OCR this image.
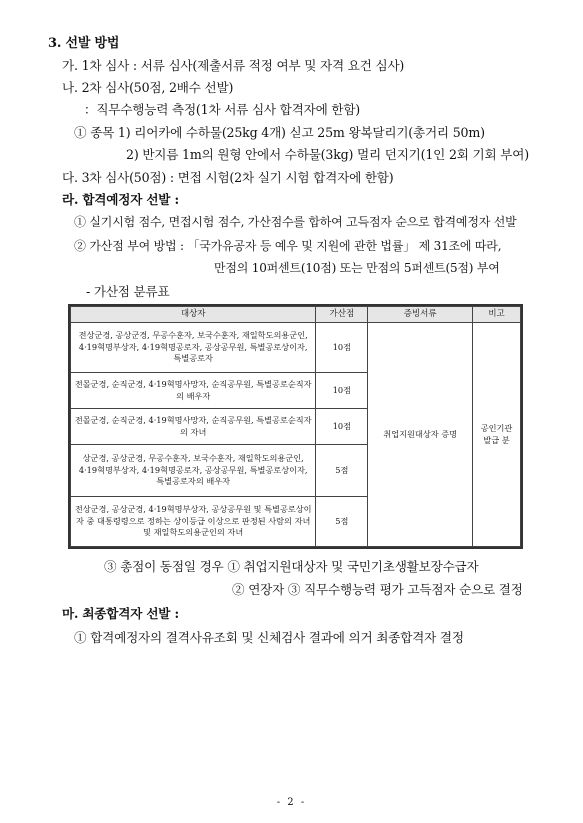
3. 선발 방법
가. 1차 심사 : 서류 심사(제출서류 적정 여부 및 자격 요건 심사)
나. 2차 심사(50점, 2배수 선발)
：직무수행능력 측정(1차 서류 심사 합격자에 한함)
① 종목 1) 리어카에 수하물(25kg 4개) 싣고 25m 왕복달리기(총거리 50m)
2) 반지름 1m의 원형 안에서 수하물(3kg) 멀리 던지기(1인 2회 기회 부여)
다. 3차 심사(50점) : 면접 시험(2차 실기 시험 합격자에 한함)
라. 합격예정자 선발 :
① 실기시험 점수, 면접시험 점수, 가산점수를 합하여 고득점자 순으로 합격예정자 선발
② 가산점 부여 방법 : 「국가유공자 등 예우 및 지원에 관한 법률」 제 31조에 따라,
만점의 10퍼센트(10점) 또는 만점의 5퍼센트(5점) 부여
- 가산점 분류표
대상자	가산점	증빙서류	비고
전상군경, 공상군경, 무공수훈자, 보국수훈자, 재일학도의용군인, 4·19혁명부상자, 4·19혁명공로자, 공상공무원, 특별공로상이자, 특별공로자	10점	취업지원대상자 증명	공인기관 발급 분
전몰군경, 순직군경, 4·19혁명사망자, 순직공무원, 특별공로순직자의 배우자	10점		
전몰군경, 순직군경, 4·19혁명사망자, 순직공무원, 특별공로순직자의 자녀	10점		
상군경, 공상군경, 무공수훈자, 보국수훈자, 재일학도의용군인, 4·19혁명부상자, 4·19혁명공로자, 공상공무원, 특별공로상이자, 특별공로자의 배우자	5점		
전상군경, 공상군경, 4·19혁명부상자, 공상공무원 및 특별공로상이자 중 대통령령으로 정하는 상이등급 이상으로 판정된 사람의 자녀 및 재일학도의용군인의 자녀	5점		
③ 총점이 동점일 경우 ① 취업지원대상자 및 국민기초생활보장수급자
② 연장자 ③ 직무수행능력 평가 고득점자 순으로 결정
마. 최종합격자 선발 :
① 합격예정자의 결격사유조회 및 신체검사 결과에 의거 최종합격자 결정
- 2 -
